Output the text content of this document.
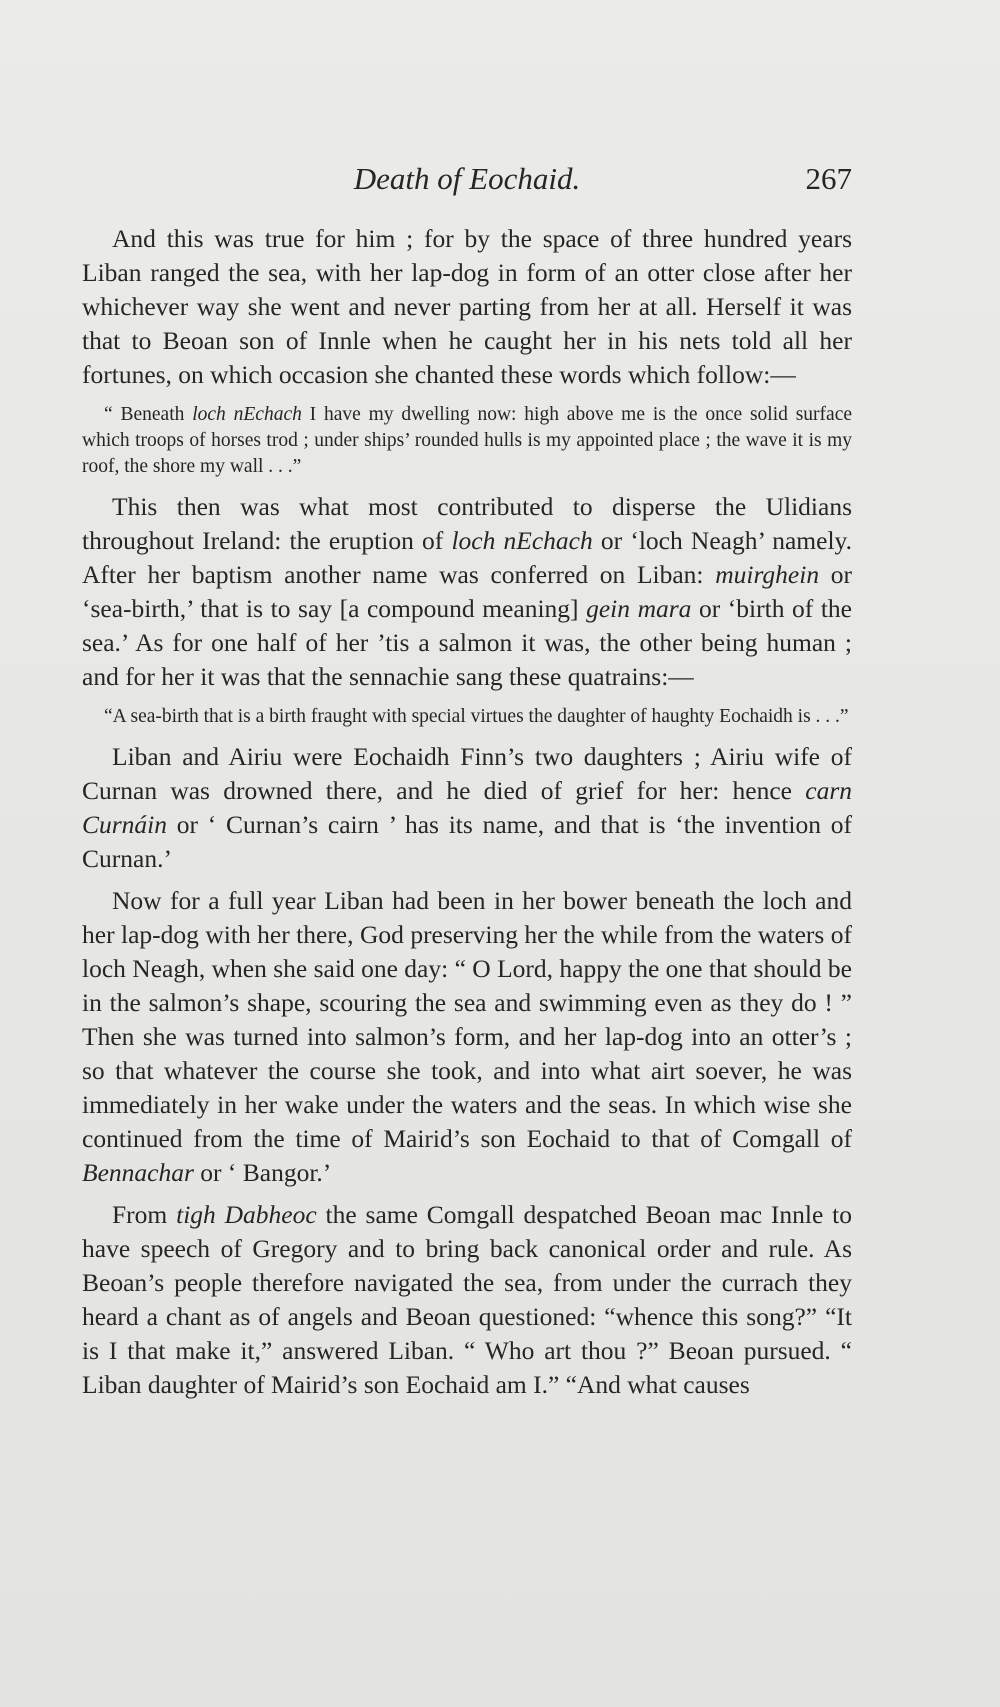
Death of Eochaid.	267

And this was true for him ; for by the space of three hundred years Liban ranged the sea, with her lap-dog in form of an otter close after her whichever way she went and never parting from her at all. Herself it was that to Beoan son of Innle when he caught her in his nets told all her fortunes, on which occasion she chanted these words which follow:—

“ Beneath loch nEchach I have my dwelling now: high above me is the once solid surface which troops of horses trod ; under ships’ rounded hulls is my appointed place ; the wave it is my roof, the shore my wall . . .”

This then was what most contributed to disperse the Ulidians throughout Ireland: the eruption of loch nEchach or ‘loch Neagh’ namely. After her baptism another name was conferred on Liban: muirghein or ‘sea-birth,’ that is to say [a compound meaning] gein mara or ‘birth of the sea.’ As for one half of her ’tis a salmon it was, the other being human ; and for her it was that the sennachie sang these quatrains:—

“A sea-birth that is a birth fraught with special virtues the daughter of haughty Eochaidh is . . .”

Liban and Airiu were Eochaidh Finn’s two daughters ; Airiu wife of Curnan was drowned there, and he died of grief for her: hence carn Curnáin or ‘ Curnan’s cairn ’ has its name, and that is ‘the invention of Curnan.’

Now for a full year Liban had been in her bower beneath the loch and her lap-dog with her there, God preserving her the while from the waters of loch Neagh, when she said one day: “ O Lord, happy the one that should be in the salmon’s shape, scouring the sea and swimming even as they do ! ” Then she was turned into salmon’s form, and her lap-dog into an otter’s ; so that whatever the course she took, and into what airt soever, he was immediately in her wake under the waters and the seas. In which wise she continued from the time of Mairid’s son Eochaid to that of Comgall of Bennachar or ‘ Bangor.’

From tigh Dabheoc the same Comgall despatched Beoan mac Innle to have speech of Gregory and to bring back canonical order and rule. As Beoan’s people therefore navigated the sea, from under the currach they heard a chant as of angels and Beoan questioned: “whence this song?” “It is I that make it,” answered Liban. “ Who art thou ?” Beoan pursued. “ Liban daughter of Mairid’s son Eochaid am I.” “And what causes
